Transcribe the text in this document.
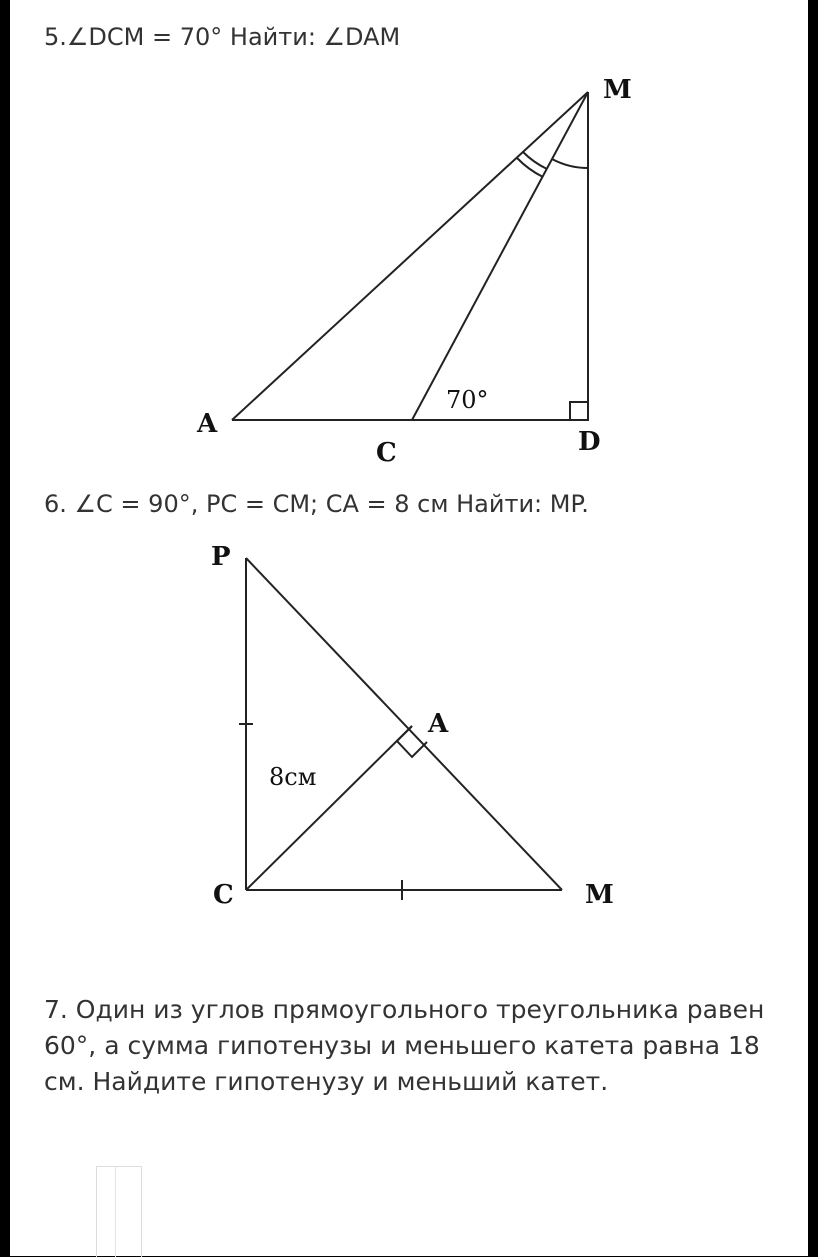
5.∠DCM = 70° Найти: ∠DAM

M
A
C	D
70°

6. ∠C = 90°, PC = CM; CA = 8 см Найти: MP.

P
A
C	M
8см

7. Один из углов прямоугольного треугольника равен 60°, а сумма гипотенузы и меньшего катета равна 18 см. Найдите гипотенузу и меньший катет.
